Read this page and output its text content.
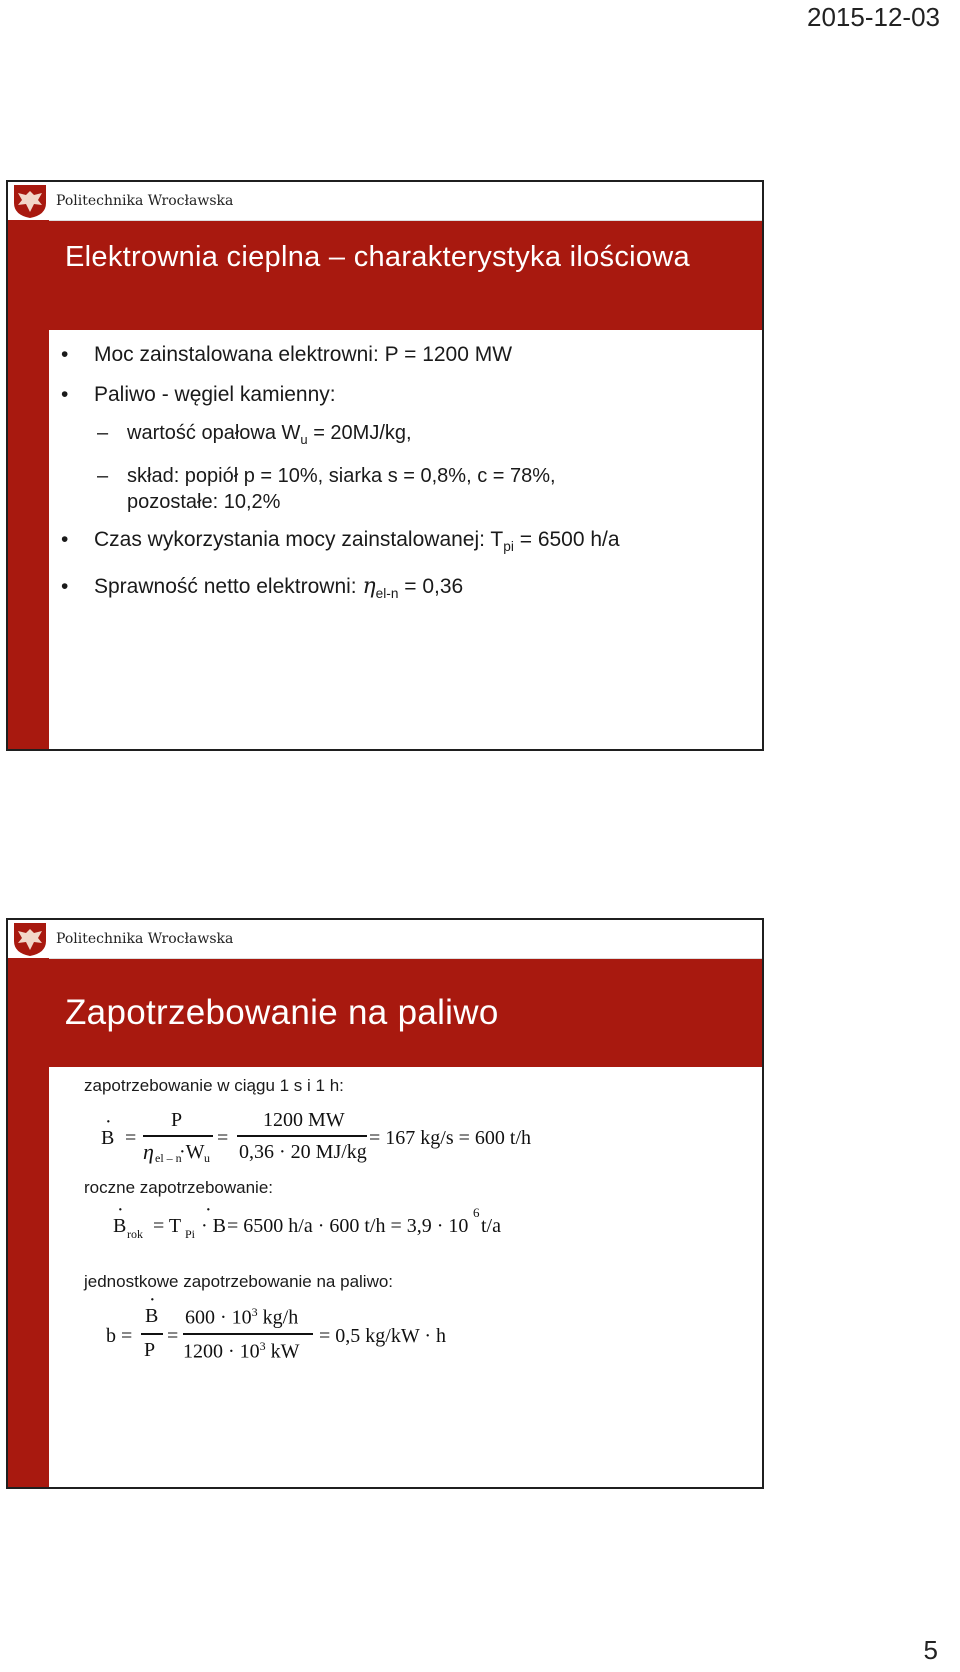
2015-12-03
Politechnika Wrocławska
Elektrownia cieplna – charakterystyka ilościowa
• Moc zainstalowana elektrowni: P = 1200 MW
• Paliwo - węgiel kamienny:
– wartość opałowa $W_u = 20MJ/kg$,
– skład: popiół p = 10%, siarka s = 0,8%, c = 78%,
pozostałe: 10,2%
• Czas wykorzystania mocy zainstalowanej: $T_{pi} = 6500$ h/a
• Sprawność netto elektrowni: $\eta_{el-n} = 0,36$
Politechnika Wrocławska
Zapotrzebowanie na paliwo
zapotrzebowanie w ciągu 1 s i 1 h:
· B =
P
η el – n
·W u
=
1200 MW
0,36 · 20 MJ/kg
= 167 kg/s = 600 t/h
roczne zapotrzebowanie:
· B rok = T Pi
· · B = 6500 h/a · 600 t/h = 3,9 · 10
6
t/a
jednostkowe zapotrzebowanie na paliwo:
b =
· B
P
=
$600 \cdot 10^3$ kg/h
$1200 \cdot 10^3$ kW
= 0,5 kg/kW · h
5
